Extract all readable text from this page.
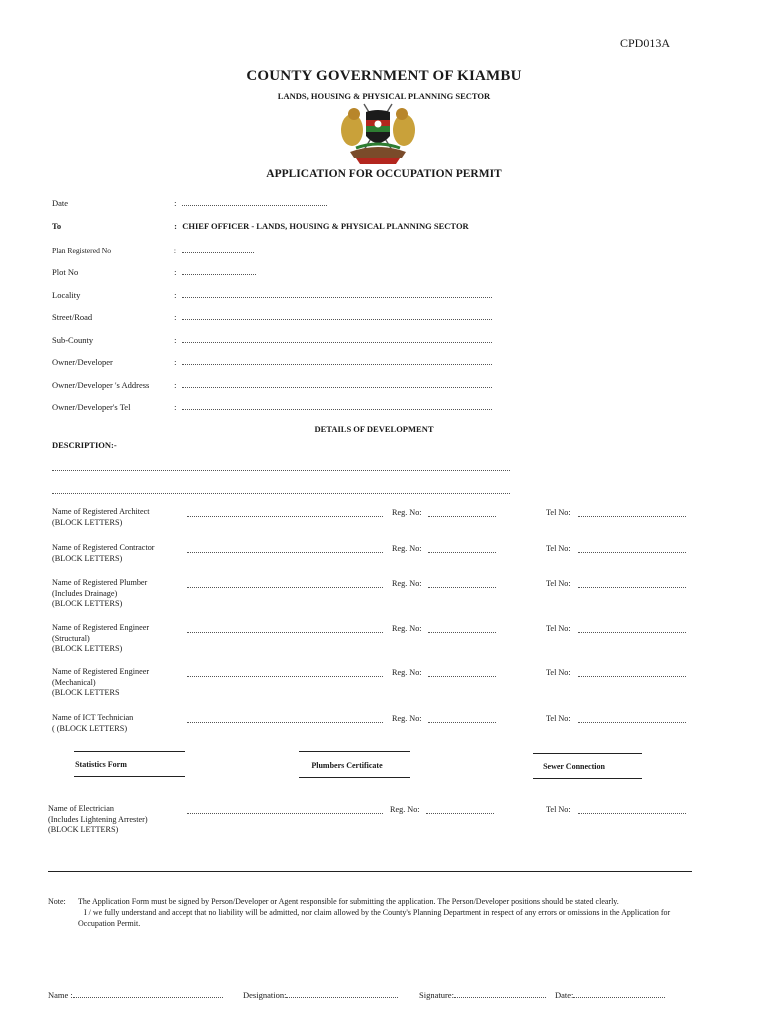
CPD013A
COUNTY GOVERNMENT OF KIAMBU
LANDS, HOUSING & PHYSICAL PLANNING SECTOR
APPLICATION FOR OCCUPATION PERMIT
Date	:
To	: CHIEF OFFICER - LANDS, HOUSING & PHYSICAL PLANNING SECTOR
Plan Registered No	:
Plot No	:
Locality	:
Street/Road	:
Sub-County	:
Owner/Developer	:
Owner/Developer 's Address	:
Owner/Developer's Tel	:
DETAILS OF DEVELOPMENT
DESCRIPTION:-
Name of Registered Architect
(BLOCK LETTERS)
Reg. No:	Tel No:
Name of Registered Contractor
(BLOCK LETTERS)
Reg. No:	Tel No:
Name of Registered Plumber
(Includes Drainage)
(BLOCK LETTERS)
Reg. No:	Tel No:
Name of Registered Engineer
(Structural)
(BLOCK LETTERS)
Reg. No:	Tel No:
Name of Registered Engineer
(Mechanical)
(BLOCK LETTERS
Reg. No:	Tel No:
Name of ICT Technician
( (BLOCK LETTERS)
Reg. No:	Tel No:
Statistics Form	Plumbers Certificate	Sewer Connection
Name of Electrician
(Includes Lightening Arrester)
(BLOCK LETTERS)
Reg. No:	Tel No:
Note: The Application Form must be signed by Person/Developer or Agent responsible for submitting the application. The Person/Developer positions should be stated clearly.
I / we fully understand and accept that no liability will be admitted, nor claim allowed by the County's Planning Department in respect of any errors or omissions in the Application for Occupation Permit.
Name :	Designation:	Signature:	Date:
